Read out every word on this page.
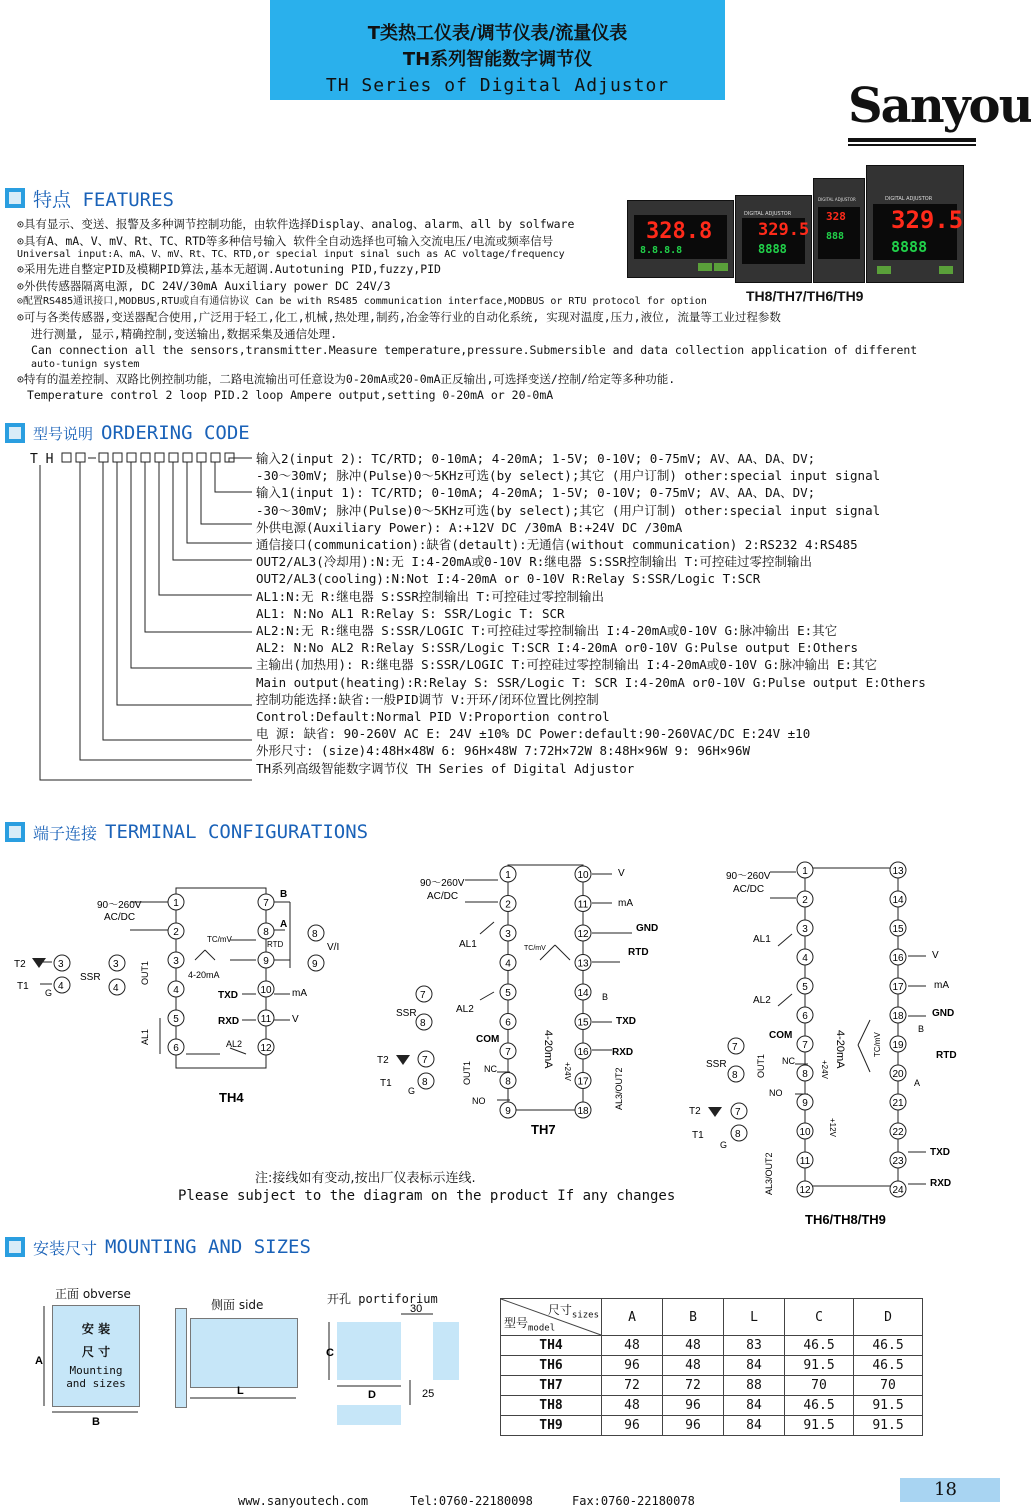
T类热工仪表/调节仪表/流量仪表
TH系列智能数字调节仪
TH Series of Digital Adjustor	Sanyou
特点 FEATURES
328.8
8.8.8.8
DIGITAL ADJUSTOR
329.5
8888
DIGITAL ADJUSTOR
328
888
DIGITAL ADJUSTOR
329.5
8888
TH8/TH7/TH6/TH9
⊙具有显示、变送、报警及多种调节控制功能，由软件选择Display、analog、alarm、all by solfware
⊙具有A、mA、V、mV、Rt、TC、RTD等多种信号输入 软件全自动选择也可输入交流电压/电流或频率信号
Universal input:A、mA、V、mV、Rt、TC、RTD,or special input sinal such as AC voltage/frequency
⊙采用先进自整定PID及模糊PID算法,基本无超调.Autotuning PID,fuzzy,PID
⊙外供传感器隔离电源, DC 24V/30mA Auxiliary power DC 24V/3
⊙配置RS485通讯接口,MODBUS,RTU或自有通信协议 Can be with RS485 communication interface,MODBUS or RTU protocol for option
⊙可与各类传感器,变送器配合使用,广泛用于轻工,化工,机械,热处理,制药,冶金等行业的自动化系统, 实现对温度,压力,液位, 流量等工业过程参数
进行测量, 显示,精确控制,变送输出,数据采集及通信处理.
Can connection all the sensors,transmitter.Measure temperature,pressure.Submersible and data collection application of different
auto-tunign system
⊙特有的温差控制、双路比例控制功能，二路电流输出可任意设为0-20mA或20-0mA正反输出,可选择变送/控制/给定等多种功能.
Temperature control 2 loop PID.2 loop Ampere output,setting 0-20mA or 20-0mA
型号说明 ORDERING CODE
T H	输入2(input 2): TC/RTD; 0-10mA; 4-20mA; 1-5V; 0-10V; 0-75mV; AV、AA、DA、DV;
-30～30mV; 脉冲(Pulse)0～5KHz可选(by select);其它 (用户订制) other:special input signal
输入1(input 1): TC/RTD; 0-10mA; 4-20mA; 1-5V; 0-10V; 0-75mV; AV、AA、DA、DV;
-30～30mV; 脉冲(Pulse)0～5KHz可选(by select);其它 (用户订制) other:special input signal
外供电源(Auxiliary Power): A:+12V DC /30mA B:+24V DC /30mA
通信接口(communication):缺省(detault):无通信(without communication) 2:RS232 4:RS485
OUT2/AL3(冷却用):N:无 I:4-20mA或0-10V R:继电器 S:SSR控制输出 T:可控硅过零控制输出
OUT2/AL3(cooling):N:Not I:4-20mA or 0-10V R:Relay S:SSR/Logic T:SCR
AL1:N:无 R:继电器 S:SSR控制输出 T:可控硅过零控制输出
AL1: N:No AL1 R:Relay S: SSR/Logic T: SCR
AL2:N:无 R:继电器 S:SSR/LOGIC T:可控硅过零控制输出 I:4-20mA或0-10V G:脉冲输出 E:其它
AL2: N:No AL2 R:Relay S:SSR/Logic T:SCR I:4-20mA or0-10V G:Pulse output E:Others
主输出(加热用): R:继电器 S:SSR/LOGIC T:可控硅过零控制输出 I:4-20mA或0-10V G:脉冲输出 E:其它
Main output(heating):R:Relay S: SSR/Logic T: SCR I:4-20mA or0-10V G:Pulse output E:Others
控制功能选择:缺省:一般PID调节 V:开环/闭环位置比例控制
Control:Default:Normal PID V:Proportion control
电 源: 缺省: 90-260V AC E: 24V ±10% DC Power:default:90-260VAC/DC E:24V ±10
外形尺寸: (size)4:48H×48W 6: 96H×48W 7:72H×72W 8:48H×96W 9: 96H×96W
TH系列高级智能数字调节仪 TH Series of Digital Adjustor
端子连接 TERMINAL CONFIGURATIONS
1
2
3
4
5
6
7
8
9
10
11
12
90～260V
AC/DC
B
A
TC/mV
RTD	V/I
4-20mA
TXD
RXD
mA
V
AL2
AL1
OUT1
SSR
T2
T1
G
TH4
8
9
3
4
3
4
1
2
3
4
5
6
7
8
9
10
11
12
13
14
15
16
17
18
90～260V
AC/DC
V
mA
GND
RTD
AL1	TC/mV
AL2
SSR
COM
NC
NO
OUT1
4-20mA
+24V
TXD
RXD
AL3/OUT2
B
T2
T1
G
TH7
7
8
7
8
1
2
3
4
5
6
7
8
9
10
11
12
13
14
15
16
17
18
19
20
21
22
23
24
90～260V
AC/DC
V
mA
GND
RTD
TXD
RXD
AL1
AL2
COM
NC
NO
SSR	OUT1	4-20mA
+24V
+12V
AL3/OUT2
TC/mV
B
A
T2
T1
G
TH6/TH8/TH9
7
8
7
8
注:接线如有变动,按出厂仪表标示连线.
Please subject to the diagram on the product If any changes
安装尺寸 MOUNTING AND SIZES
正面 obverse
安 装
尺 寸
Mounting
and sizes
侧面 side	开孔 portiforium
A
B
L
C
D
30
25
尺寸$_{sizes}$
型号$_{model}$	A	B	L	C	D
TH4	48	48	83	46.5	46.5
TH6	96	48	84	91.5	46.5
TH7	72	72	88	70	70
TH8	48	96	84	46.5	91.5
TH9	96	96	84	91.5	91.5
www.sanyoutech.com	Tel:0760-22180098	Fax:0760-22180078
18
